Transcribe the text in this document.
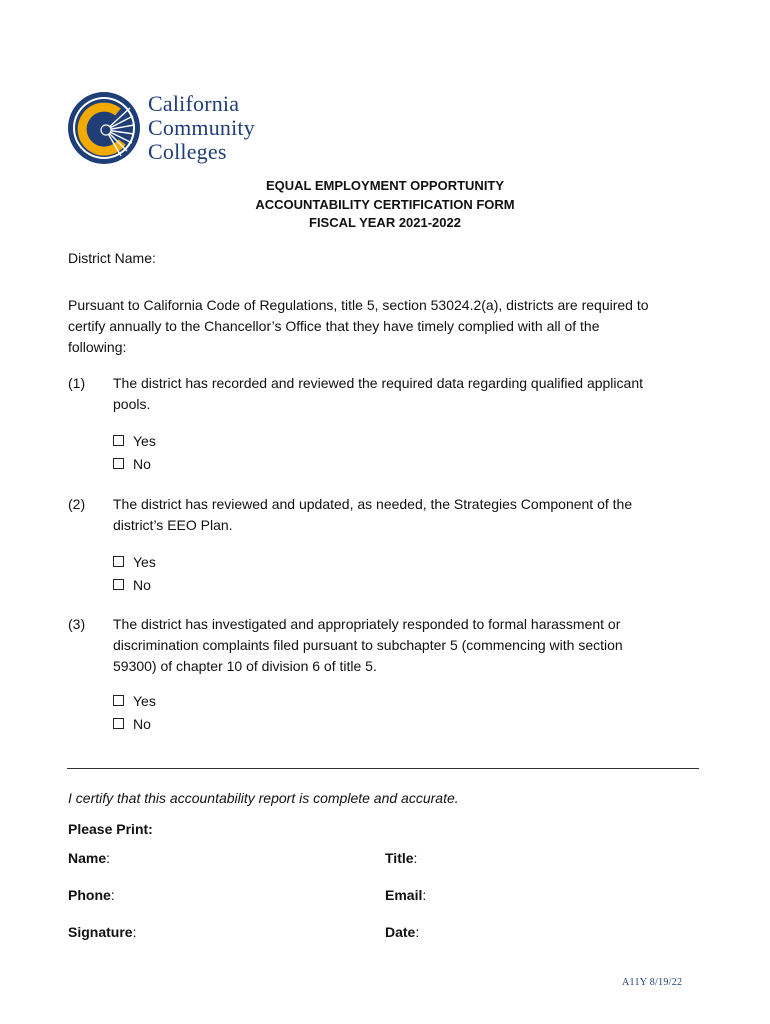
California
Community
Colleges
EQUAL EMPLOYMENT OPPORTUNITY
ACCOUNTABILITY CERTIFICATION FORM
FISCAL YEAR 2021-2022
District Name:
Pursuant to California Code of Regulations, title 5, section 53024.2(a), districts are required to
certify annually to the Chancellor’s Office that they have timely complied with all of the
following:
(1) The district has recorded and reviewed the required data regarding qualified applicant
pools.
Yes
No
(2) The district has reviewed and updated, as needed, the Strategies Component of the
district’s EEO Plan.
Yes
No
(3) The district has investigated and appropriately responded to formal harassment or
discrimination complaints filed pursuant to subchapter 5 (commencing with section
59300) of chapter 10 of division 6 of title 5.
Yes
No
I certify that this accountability report is complete and accurate.
Please Print:
Name:	Title:
Phone:	Email:
Signature:	Date:
A11Y 8/19/22
